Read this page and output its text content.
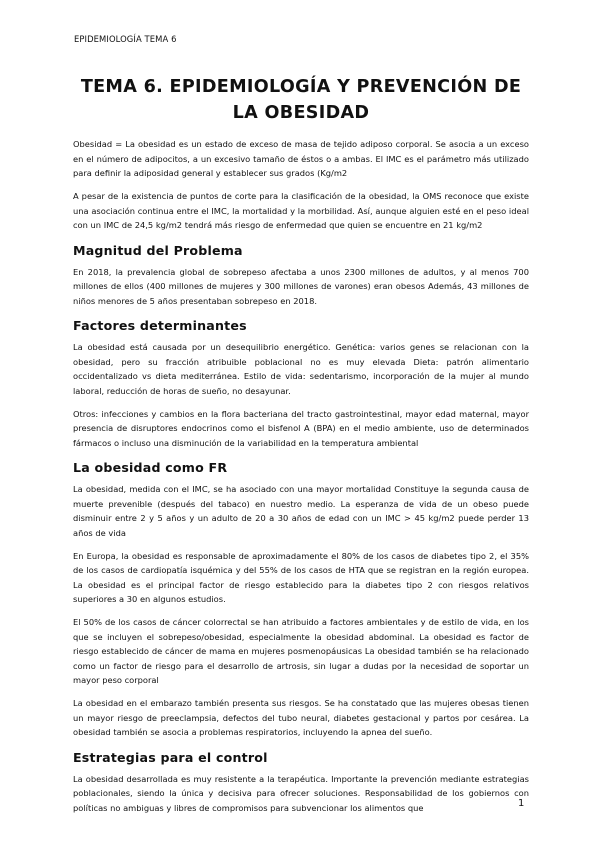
EPIDEMIOLOGÍA TEMA 6
TEMA 6. EPIDEMIOLOGÍA Y PREVENCIÓN DE LA OBESIDAD

Obesidad = La obesidad es un estado de exceso de masa de tejido adiposo corporal. Se asocia a un exceso en el número de adipocitos, a un excesivo tamaño de éstos o a ambas. El IMC es el parámetro más utilizado para definir la adiposidad general y establecer sus grados (Kg/m2

A pesar de la existencia de puntos de corte para la clasificación de la obesidad, la OMS reconoce que existe una asociación continua entre el IMC, la mortalidad y la morbilidad. Así, aunque alguien esté en el peso ideal con un IMC de 24,5 kg/m2 tendrá más riesgo de enfermedad que quien se encuentre en 21 kg/m2

Magnitud del Problema

En 2018, la prevalencia global de sobrepeso afectaba a unos 2300 millones de adultos, y al menos 700 millones de ellos (400 millones de mujeres y 300 millones de varones) eran obesos Además, 43 millones de niños menores de 5 años presentaban sobrepeso en 2018.

Factores determinantes

La obesidad está causada por un desequilibrio energético. Genética: varios genes se relacionan con la obesidad, pero su fracción atribuible poblacional no es muy elevada Dieta: patrón alimentario occidentalizado vs dieta mediterránea. Estilo de vida: sedentarismo, incorporación de la mujer al mundo laboral, reducción de horas de sueño, no desayunar.

Otros: infecciones y cambios en la flora bacteriana del tracto gastrointestinal, mayor edad maternal, mayor presencia de disruptores endocrinos como el bisfenol A (BPA) en el medio ambiente, uso de determinados fármacos o incluso una disminución de la variabilidad en la temperatura ambiental

La obesidad como FR

La obesidad, medida con el IMC, se ha asociado con una mayor mortalidad Constituye la segunda causa de muerte prevenible (después del tabaco) en nuestro medio. La esperanza de vida de un obeso puede disminuir entre 2 y 5 años y un adulto de 20 a 30 años de edad con un IMC > 45 kg/m2 puede perder 13 años de vida

En Europa, la obesidad es responsable de aproximadamente el 80% de los casos de diabetes tipo 2, el 35% de los casos de cardiopatía isquémica y del 55% de los casos de HTA que se registran en la región europea. La obesidad es el principal factor de riesgo establecido para la diabetes tipo 2 con riesgos relativos superiores a 30 en algunos estudios.

El 50% de los casos de cáncer colorrectal se han atribuido a factores ambientales y de estilo de vida, en los que se incluyen el sobrepeso/obesidad, especialmente la obesidad abdominal. La obesidad es factor de riesgo establecido de cáncer de mama en mujeres posmenopáusicas La obesidad también se ha relacionado como un factor de riesgo para el desarrollo de artrosis, sin lugar a dudas por la necesidad de soportar un mayor peso corporal

La obesidad en el embarazo también presenta sus riesgos. Se ha constatado que las mujeres obesas tienen un mayor riesgo de preeclampsia, defectos del tubo neural, diabetes gestacional y partos por cesárea. La obesidad también se asocia a problemas respiratorios, incluyendo la apnea del sueño.

Estrategias para el control

La obesidad desarrollada es muy resistente a la terapéutica. Importante la prevención mediante estrategias poblacionales, siendo la única y decisiva para ofrecer soluciones. Responsabilidad de los gobiernos con políticas no ambiguas y libres de compromisos para subvencionar los alimentos que	1
